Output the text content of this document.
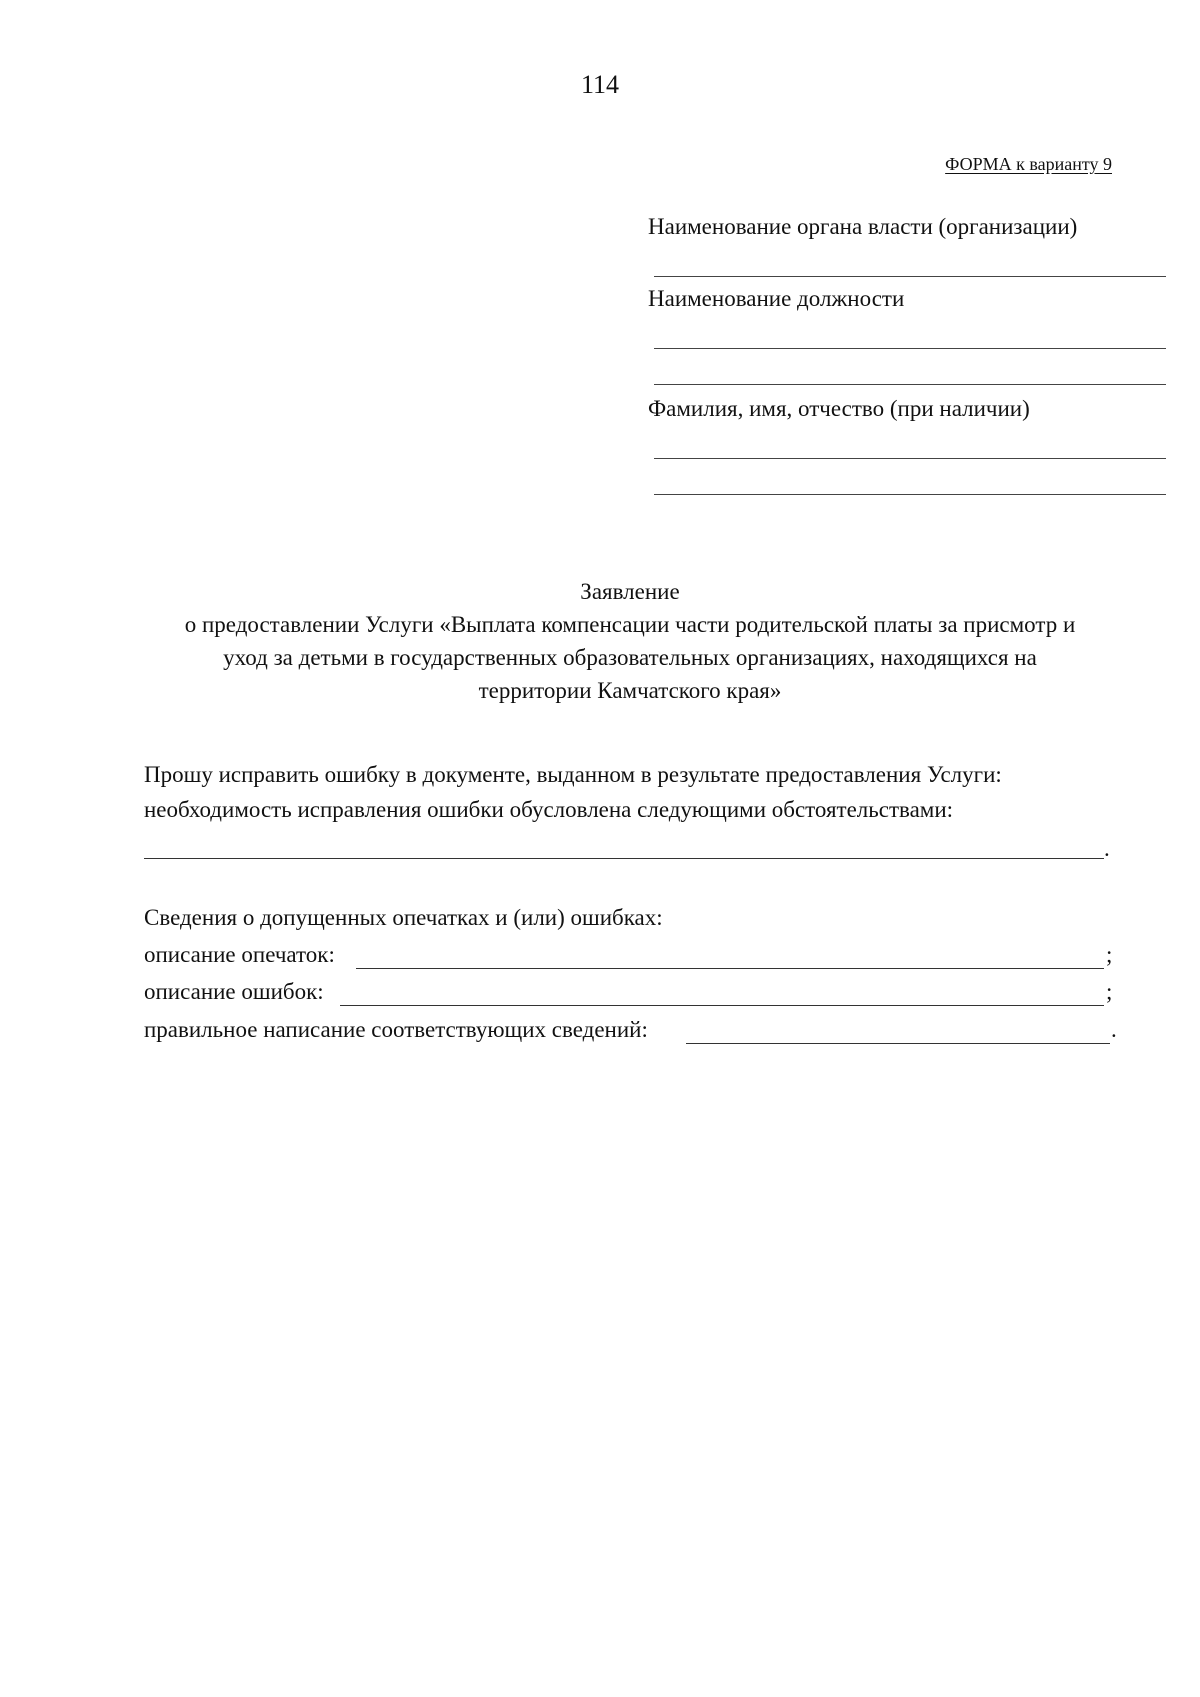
114
ФОРМА к варианту 9
Наименование органа власти (организации)
Наименование должности
Фамилия, имя, отчество (при наличии)
Заявление
о предоставлении Услуги «Выплата компенсации части родительской платы за присмотр и
уход за детьми в государственных образовательных организациях, находящихся на
территории Камчатского края»
Прошу исправить ошибку в документе, выданном в результате предоставления Услуги:
необходимость исправления ошибки обусловлена следующими обстоятельствами:
.
Сведения о допущенных опечатках и (или) ошибках:
описание опечаток:	;
описание ошибок:	;
правильное написание соответствующих сведений:	.
